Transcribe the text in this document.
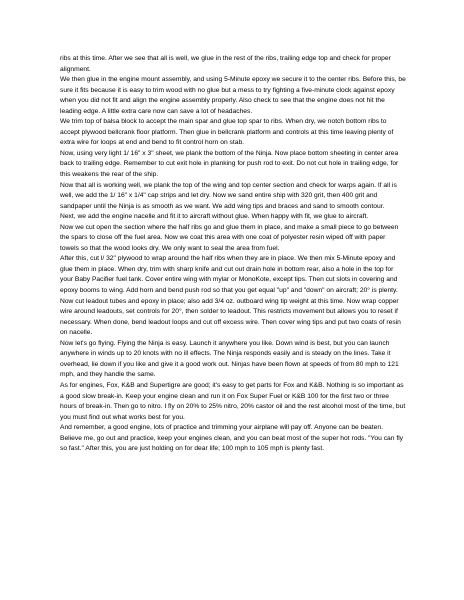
ribs at this time. After we see that all is well, we glue in the rest of the ribs, trailing edge top and check for proper alignment.

We then glue in the engine mount assembly, and using 5-Minute epoxy we secure it to the center ribs. Before this, be sure it fits because it is easy to trim wood with no glue but a mess to try fighting a five-minute clock against epoxy when you did not fit and align the engine assembly properly. Also check to see that the engine does not hit the leading edge. A little extra care now can save a lot of headaches.

We trim top of balsa block to accept the main spar and glue top spar to ribs. When dry, we notch bottom ribs to accept plywood bellcrank floor platform. Then glue in bellcrank platform and controls at this time leaving plenty of extra wire for loops at end and bend to fit control horn on stab.

Now, using very light 1/ 16" x 3" sheet, we plank the bottom of the Ninja. Now place bottom sheeting in center area back to trailing edge. Remember to cut exit hole in planking for push rod to exit. Do not cut hole in trailing edge, for this weakens the rear of the ship.

Now that all is working well, we plank the top of the wing and top center section and check for warps again. If all is well, we add the 1/ 16" x 1/4" cap strips and let dry. Now we sand entire ship with 320 grit, then 400 grit and sandpaper until the Ninja is as smooth as we want. We add wing tips and braces and sand to smooth contour.

Next, we add the engine nacelle and fit it to aircraft without glue. When happy with fit, we glue to aircraft.

Now we cut open the section where the half ribs go and glue them in place, and make a small piece to go between the spars to close off the fuel area. Now we coat this area with one coat of polyester resin wiped off with paper towels so that the wood looks dry. We only want to seal the area from fuel.

After this, cut l/ 32" plywood to wrap around the half ribs when they are in place. We then mix 5-Minute epoxy and glue them in place. When dry, trim with sharp knife and cut out drain hole in bottom rear, also a hole in the top for your Baby Pacifier fuel tank. Cover entire wing with mylar or MonoKote, except tips. Then cut slots in covering and epoxy booms to wing. Add horn and bend push rod so that you get equal "up" and "down" on aircraft; 20° is plenty.

Now cut leadout tubes and epoxy in place; also add 3/4 oz. outboard wing tip weight at this time. Now wrap copper wire around leadouts, set controls for 20°, then solder to leadout. This restricts movement but allows you to reset if necessary. When done, bend leadout loops and cut off excess wire. Then cover wing tips and put two coats of resin on nacelle.

Now let's go flying. Flying the Ninja is easy. Launch it anywhere you like. Down wind is best, but you can launch anywhere in winds up to 20 knots with no ill effects. The Ninja responds easily and is steady on the lines. Take it overhead, lie down if you like and give it a good work out. Ninjas have been flown at speeds of from 80 mph to 121 mph, and they handle the same.

As for engines, Fox, K&B and Supertigre are good; it's easy to get parts for Fox and K&B. Nothing is so important as a good slow break-in. Keep your engine clean and run it on Fox Super Fuel or K&B 100 for the first two or three hours of break-in. Then go to nitro. I fly on 20% to 25% nitro, 20% castor oil and the rest alcohol most of the time, but you must find out what works best for you.

And remember, a good engine, lots of practice and trimming your airplane will pay off. Anyone can be beaten. Believe me, go out and practice, keep your engines clean, and you can beat most of the super hot rods. "You can fly so fast." After this, you are just holding on for dear life; 100 mph to 105 mph is plenty fast.
